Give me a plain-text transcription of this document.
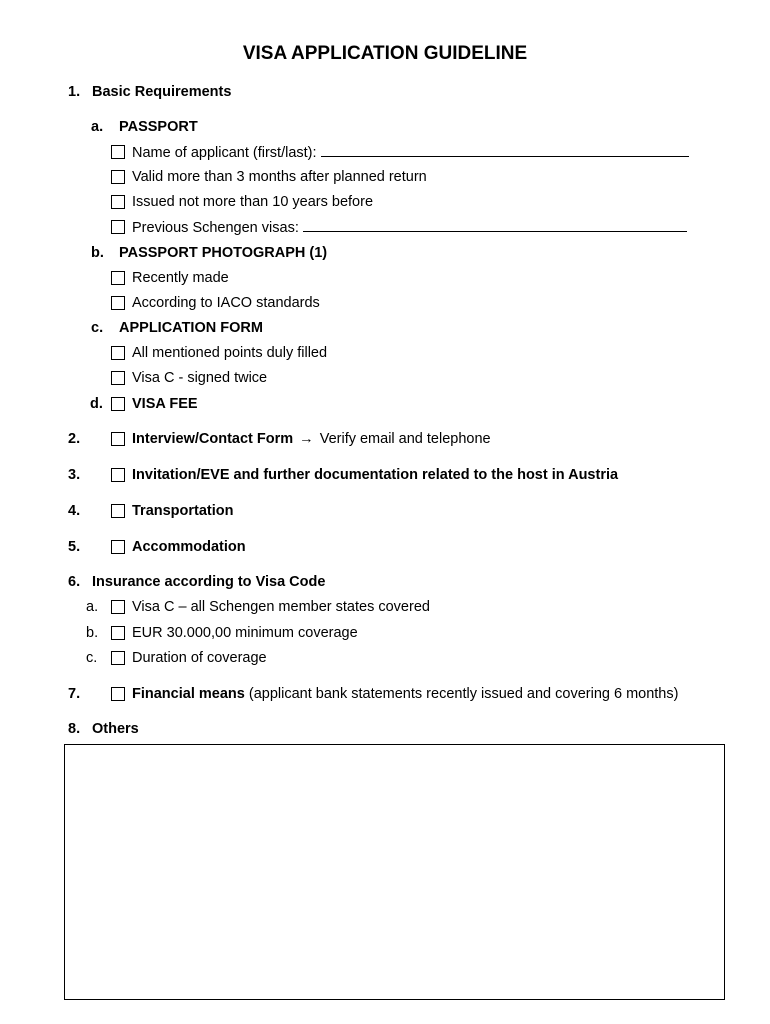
VISA APPLICATION GUIDELINE
1. Basic Requirements
a. PASSPORT
Name of applicant (first/last):
Valid more than 3 months after planned return
Issued not more than 10 years before
Previous Schengen visas:
b. PASSPORT PHOTOGRAPH (1)
Recently made
According to IACO standards
c. APPLICATION FORM
All mentioned points duly filled
Visa C - signed twice
d. VISA FEE
2.	Interview/Contact Form → Verify email and telephone
3.	Invitation/EVE and further documentation related to the host in Austria
4.	Transportation
5.	Accommodation
6. Insurance according to Visa Code
a. Visa C – all Schengen member states covered
b. EUR 30.000,00 minimum coverage
c. Duration of coverage
7.	Financial means (applicant bank statements recently issued and covering 6 months)
8. Others
